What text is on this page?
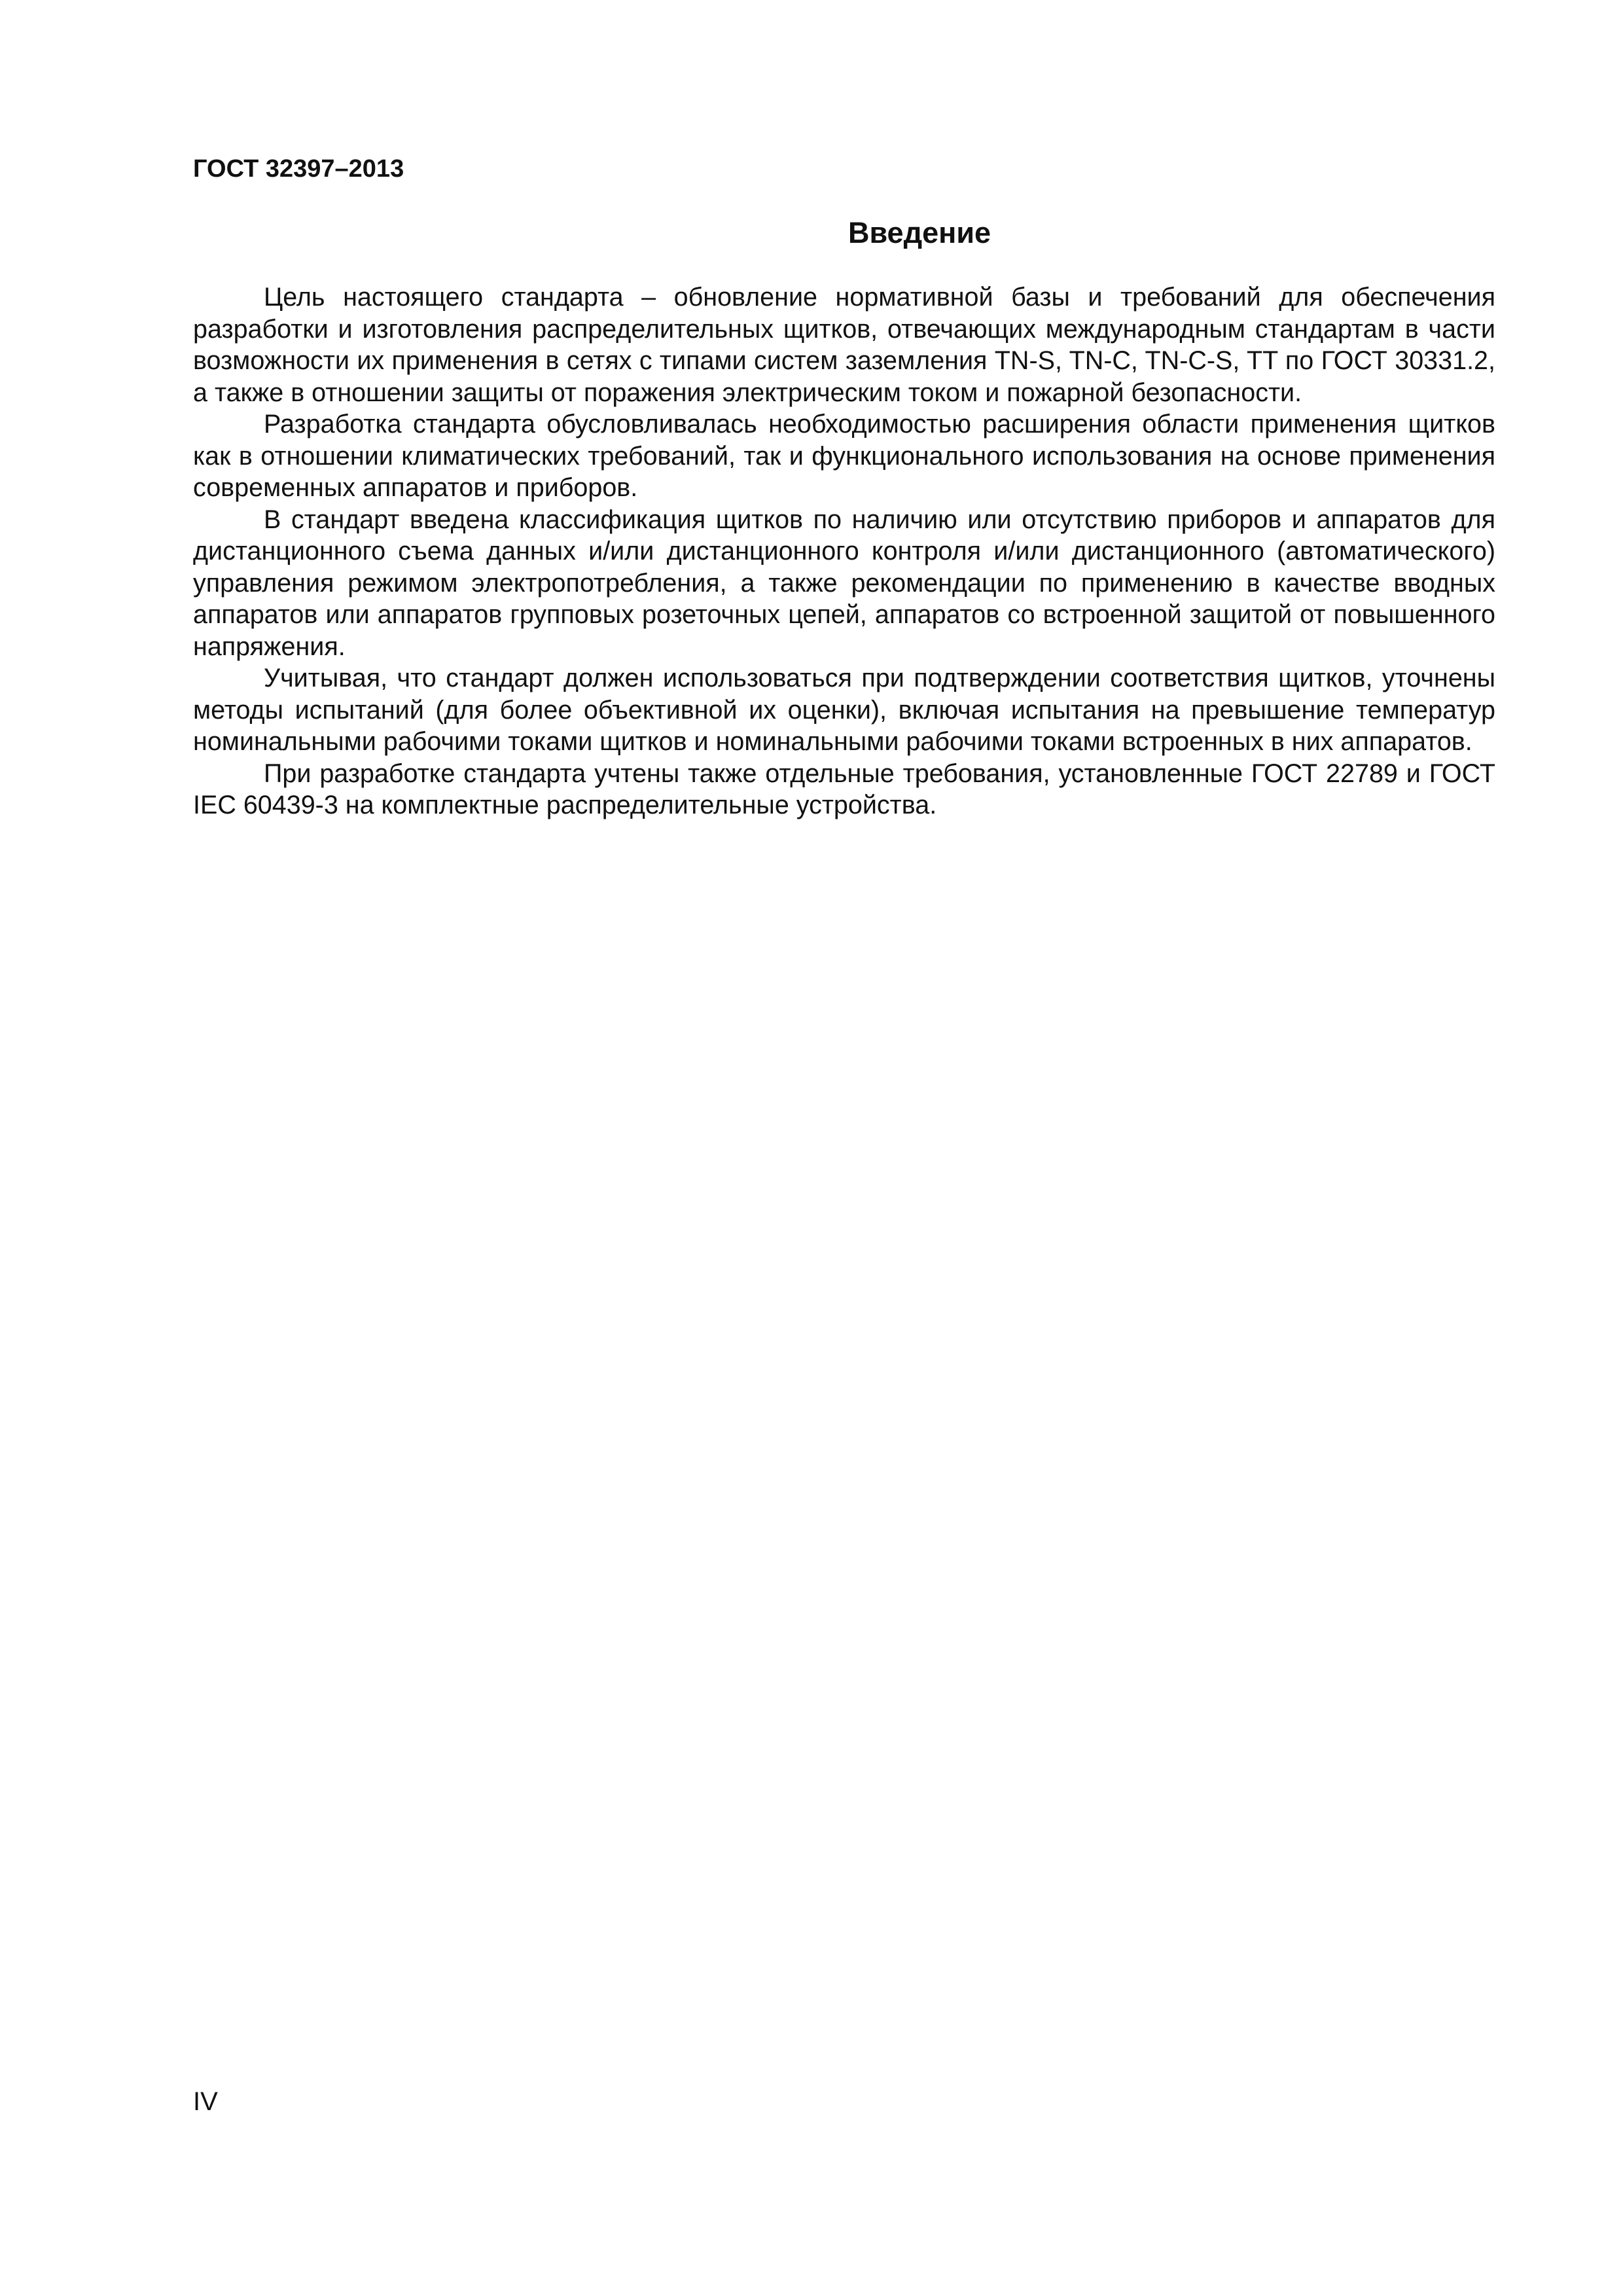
ГОСТ 32397–2013
Введение

Цель настоящего стандарта – обновление нормативной базы и требований для обеспечения разработки и изготовления распределительных щитков, отвечающих международным стандартам в части возможности их применения в сетях с типами систем заземления TN-S, TN-C, TN-C-S, TT по ГОСТ 30331.2, а также в отношении защиты от поражения электрическим током и пожарной безопасности.

Разработка стандарта обусловливалась необходимостью расширения области применения щитков как в отношении климатических требований, так и функционального использования на основе применения современных аппаратов и приборов.

В стандарт введена классификация щитков по наличию или отсутствию приборов и аппаратов для дистанционного съема данных и/или дистанционного контроля и/или дистанционного (автоматического) управления режимом электропотребления, а также рекомендации по применению в качестве вводных аппаратов или аппаратов групповых розеточных цепей, аппаратов со встроенной защитой от повышенного напряжения.

Учитывая, что стандарт должен использоваться при подтверждении соответствия щитков, уточнены методы испытаний (для более объективной их оценки), включая испытания на превышение температур номинальными рабочими токами щитков и номинальными рабочими токами встроенных в них аппаратов.

При разработке стандарта учтены также отдельные требования, установленные ГОСТ 22789 и ГОСТ IEC 60439-3 на комплектные распределительные устройства.

IV
